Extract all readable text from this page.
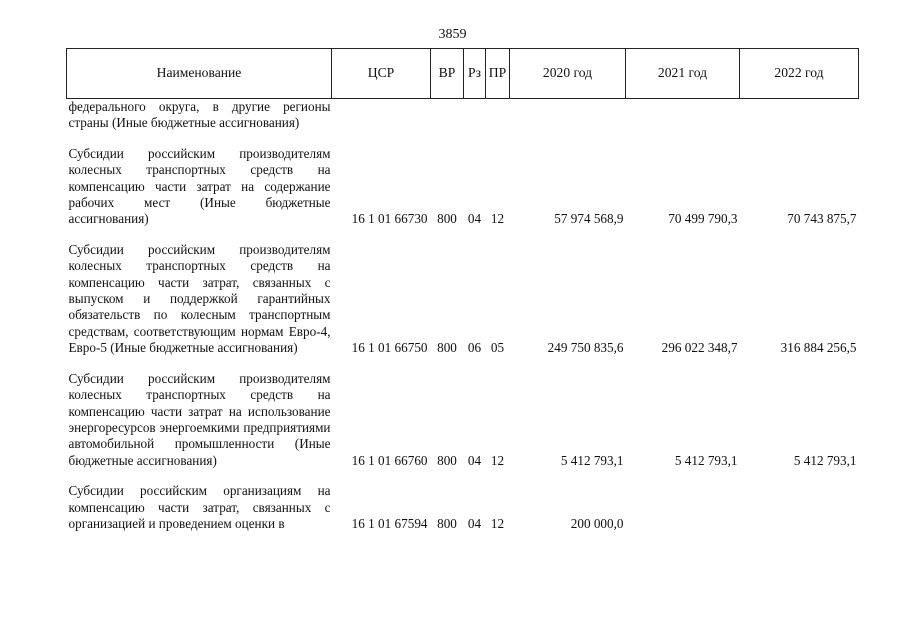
3859
Наименование	ЦСР	ВР	Рз	ПР	2020 год	2021 год	2022 год
федерального округа, в другие регионы страны (Иные бюджетные ассигнования)							

Субсидии российским производителям колесных транспортных средств на компенсацию части затрат на содержание рабочих мест (Иные бюджетные ассигнования)	16 1 01 66730	800	04	12	57 974 568,9	70 499 790,3	70 743 875,7

Субсидии российским производителям колесных транспортных средств на компенсацию части затрат, связанных с выпуском и поддержкой гарантийных обязательств по колесным транспортным средствам, соответствующим нормам Евро-4, Евро-5 (Иные бюджетные ассигнования)	16 1 01 66750	800	06	05	249 750 835,6	296 022 348,7	316 884 256,5

Субсидии российским производителям колесных транспортных средств на компенсацию части затрат на использование энергоресурсов энергоемкими предприятиями автомобильной промышленности (Иные бюджетные ассигнования)	16 1 01 66760	800	04	12	5 412 793,1	5 412 793,1	5 412 793,1

Субсидии российским организациям на компенсацию части затрат, связанных с организацией и проведением оценки в	16 1 01 67594	800	04	12	200 000,0		
